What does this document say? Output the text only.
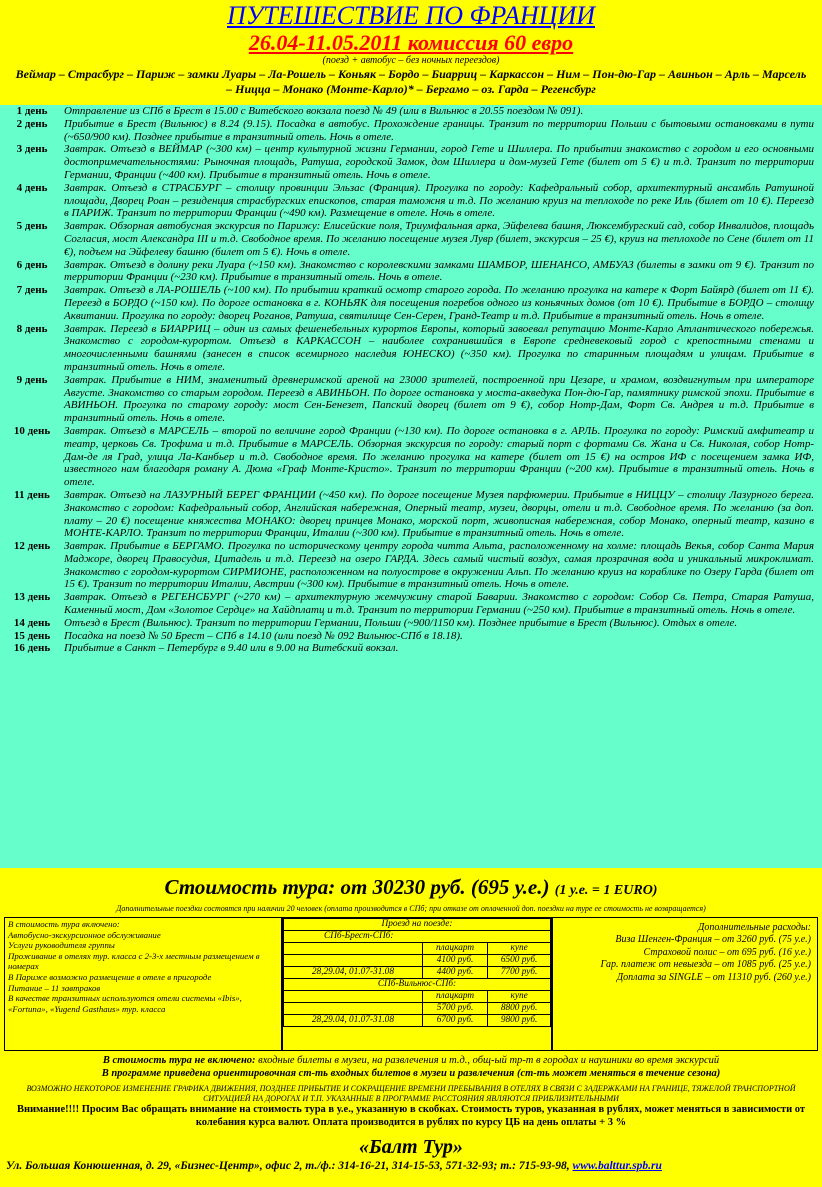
ПУТЕШЕСТВИЕ ПО ФРАНЦИИ
26.04-11.05.2011 комиссия 60 евро
(поезд + автобус – без ночных переездов)
Веймар – Страсбург – Париж – замки Луары – Ла-Рошель – Коньяк – Бордо – Биарриц – Каркассон – Ним – Пон-дю-Гар – Авиньон – Арль – Марсель – Ницца – Монако (Монте-Карло)* – Бергамо – оз. Гарда – Регенсбург
1 день	Отправление из СПб в Брест в 15.00 с Витебского вокзала поезд № 49 (или в Вильнюс в 20.55 поездом № 091).
2 день	Прибытие в Брест (Вильнюс) в 8.24 (9.15). Посадка в автобус. Прохождение границы. Транзит по территории Польши с бытовыми остановками в пути (~650/900 км). Позднее прибытие в транзитный отель. Ночь в отеле.
3 день	Завтрак. Отъезд в ВЕЙМАР (~300 км) – центр культурной жизни Германии, город Гете и Шиллера. По прибытии знакомство с городом и его основными достопримечательностями: Рыночная площадь, Ратуша, городской Замок, дом Шиллера и дом-музей Гете (билет от 5 €) и т.д. Транзит по территории Германии, Франции (~400 км). Прибытие в транзитный отель. Ночь в отеле.
4 день	Завтрак. Отъезд в СТРАСБУРГ – столицу провинции Эльзас (Франция). Прогулка по городу: Кафедральный собор, архитектурный ансамбль Ратушной площади, Дворец Роан – резиденция страсбургских епископов, старая таможня и т.д. По желанию круиз на теплоходе по реке Иль (билет от 10 €). Переезд в ПАРИЖ. Транзит по территории Франции (~490 км). Размещение в отеле. Ночь в отеле.
5 день	Завтрак. Обзорная автобусная экскурсия по Парижу: Елисейские поля, Триумфальная арка, Эйфелева башня, Люксембургский сад, собор Инвалидов, площадь Согласия, мост Александра III и т.д. Свободное время. По желанию посещение музея Лувр (билет, экскурсия – 25 €), круиз на теплоходе по Сене (билет от 11 €), подъем на Эйфелеву башню (билет от 5 €). Ночь в отеле.
6 день	Завтрак. Отъезд в долину реки Луара (~150 км). Знакомство с королевскими замками ШАМБОР, ШЕНАНСО, АМБУАЗ (билеты в замки от 9 €). Транзит по территории Франции (~230 км). Прибытие в транзитный отель. Ночь в отеле.
7 день	Завтрак. Отъезд в ЛА-РОШЕЛЬ (~100 км). По прибытии краткий осмотр старого города. По желанию прогулка на катере к Форт Байярд (билет от 11 €). Переезд в БОРДО (~150 км). По дороге остановка в г. КОНЬЯК для посещения погребов одного из коньячных домов (от 10 €). Прибытие в БОРДО – столицу Аквитании. Прогулка по городу: дворец Роганов, Ратуша, святилище Сен-Серен, Гранд-Театр и т.д. Прибытие в транзитный отель. Ночь в отеле.
8 день	Завтрак. Переезд в БИАРРИЦ – один из самых фешенебельных курортов Европы, который завоевал репутацию Монте-Карло Атлантического побережья. Знакомство с городом-курортом. Отъезд в КАРКАССОН – наиболее сохранившийся в Европе средневековый город с крепостными стенами и многочисленными башнями (занесен в список всемирного наследия ЮНЕСКО) (~350 км). Прогулка по старинным площадям и улицам. Прибытие в транзитный отель. Ночь в отеле.
9 день	Завтрак. Прибытие в НИМ, знаменитый древнеримской ареной на 23000 зрителей, построенной при Цезаре, и храмом, воздвигнутым при императоре Августе. Знакомство со старым городом. Переезд в АВИНЬОН. По дороге остановка у моста-акведука Пон-дю-Гар, памятнику римской эпохи. Прибытие в АВИНЬОН. Прогулка по старому городу: мост Сен-Бенезет, Папский дворец (билет от 9 €), собор Нотр-Дам, Форт Св. Андрея и т.д. Прибытие в транзитный отель. Ночь в отеле.
10 день	Завтрак. Отъезд в МАРСЕЛЬ – второй по величине город Франции (~130 км). По дороге остановка в г. АРЛЬ. Прогулка по городу: Римский амфитеатр и театр, церковь Св. Трофима и т.д. Прибытие в МАРСЕЛЬ. Обзорная экскурсия по городу: старый порт с фортами Св. Жана и Св. Николая, собор Нотр-Дам-де ля Град, улица Ла-Канбьер и т.д. Свободное время. По желанию прогулка на катере (билет от 15 €) на остров ИФ с посещением замка ИФ, известного нам благодаря роману А. Дюма «Граф Монте-Кристо». Транзит по территории Франции (~200 км). Прибытие в транзитный отель. Ночь в отеле.
11 день	Завтрак. Отъезд на ЛАЗУРНЫЙ БЕРЕГ ФРАНЦИИ (~450 км). По дороге посещение Музея парфюмерии. Прибытие в НИЦЦУ – столицу Лазурного берега. Знакомство с городом: Кафедральный собор, Английская набережная, Оперный театр, музеи, дворцы, отели и т.д. Свободное время. По желанию (за доп. плату – 20 €) посещение княжества МОНАКО: дворец принцев Монако, морской порт, живописная набережная, собор Монако, оперный театр, казино в МОНТЕ-КАРЛО. Транзит по территории Франции, Италии (~300 км). Прибытие в транзитный отель. Ночь в отеле.
12 день	Завтрак. Прибытие в БЕРГАМО. Прогулка по историческому центру города читта Альта, расположенному на холме: площадь Векья, собор Санта Мария Маджоре, дворец Правосудия, Цитадель и т.д. Переезд на озеро ГАРДА. Здесь самый чистый воздух, самая прозрачная вода и уникальный микроклимат. Знакомство с городом-курортом СИРМИОНЕ, расположенном на полуострове в окружении Альп. По желанию круиз на кораблике по Озеру Гарда (билет от 15 €). Транзит по территории Италии, Австрии (~300 км). Прибытие в транзитный отель. Ночь в отеле.
13 день	Завтрак. Отъезд в РЕГЕНСБУРГ (~270 км) – архитектурную жемчужину старой Баварии. Знакомство с городом: Собор Св. Петра, Старая Ратуша, Каменный мост, Дом «Золотое Сердце» на Хайдплатц и т.д. Транзит по территории Германии (~250 км). Прибытие в транзитный отель. Ночь в отеле.
14 день	Отъезд в Брест (Вильнюс). Транзит по территории Германии, Польши (~900/1150 км). Позднее прибытие в Брест (Вильнюс). Отдых в отеле.
15 день	Посадка на поезд № 50 Брест – СПб в 14.10 (или поезд № 092 Вильнюс-СПб в 18.18).
16 день	Прибытие в Санкт – Петербург в 9.40 или в 9.00 на Витебский вокзал.
Стоимость тура: от 30230 руб. (695 у.е.) (1 у.е. = 1 EURO)
Дополнительные поездки состоятся при наличии 20 человек (оплата производится в СПб; при отказе от оплаченной доп. поездки на туре ее стоимость не возвращается)
В стоимость тура включено:
Автобусно-экскурсионное обслуживание
Услуги руководителя группы
Проживание в отелях тур. класса с 2-3-х местным размещением в номерах
В Париже возможно размещение в отеле в пригороде
Питание – 11 завтраков
В качестве транзитных используются отели системы «Ibis», «Fortuna», «Yugend Gasthaus» тур. класса
Проезд на поезде:		
СПб-Брест-СПб:		
	плацкарт	купе
	4100 руб.	6500 руб.
28,29.04, 01.07-31.08	4400 руб.	7700 руб.
СПб-Вильнюс-СПб:		
	плацкарт	купе
	5700 руб.	8800 руб.
28,29.04, 01.07-31.08	6700 руб.	9800 руб.
Дополнительные расходы:
Виза Шенген-Франция – от 3260 руб. (75 у.е.)
Страховой полис – от 695 руб. (16 у.е.)
Гар. платеж от невыезда – от 1085 руб. (25 у.е.)
Доплата за SINGLE – от 11310 руб. (260 у.е.)
В стоимость тура не включено: входные билеты в музеи, на развлечения и т.д., общ-ый тр-т в городах и наушники во время экскурсий
В программе приведена ориентировочная ст-ть входных билетов в музеи и развлечения (ст-ть может меняться в течение сезона)
ВОЗМОЖНО НЕКОТОРОЕ ИЗМЕНЕНИЕ ГРАФИКА ДВИЖЕНИЯ, ПОЗДНЕЕ ПРИБЫТИЕ И СОКРАЩЕНИЕ ВРЕМЕНИ ПРЕБЫВАНИЯ В ОТЕЛЯХ В СВЯЗИ С ЗАДЕРЖКАМИ НА ГРАНИЦЕ, ТЯЖЕЛОЙ ТРАНСПОРТНОЙ СИТУАЦИЕЙ НА ДОРОГАХ И Т.П. УКАЗАННЫЕ В ПРОГРАММЕ РАССТОЯНИЯ ЯВЛЯЮТСЯ ПРИБЛИЗИТЕЛЬНЫМИ
Внимание!!!! Просим Вас обращать внимание на стоимость тура в у.е., указанную в скобках. Стоимость туров, указанная в рублях, может меняться в зависимости от колебания курса валют. Оплата производится в рублях по курсу ЦБ на день оплаты + 3 %
«Балт Тур»
Ул. Большая Конюшенная, д. 29, «Бизнес-Центр», офис 2, т./ф.: 314-16-21, 314-15-53, 571-32-93; т.: 715-93-98, www.balttur.spb.ru
